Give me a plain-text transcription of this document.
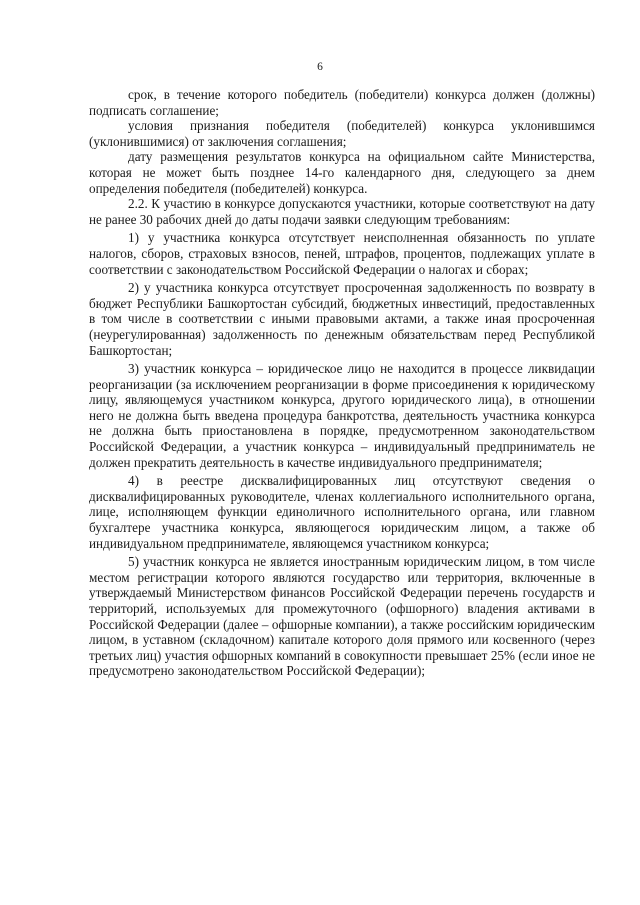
6

срок, в течение которого победитель (победители) конкурса должен (должны) подписать соглашение;

условия признания победителя (победителей) конкурса уклонившимся (уклонившимися) от заключения соглашения;

дату размещения результатов конкурса на официальном сайте Министерства, которая не может быть позднее 14-го календарного дня, следующего за днем определения победителя (победителей) конкурса.

2.2. К участию в конкурсе допускаются участники, которые соответствуют на дату не ранее 30 рабочих дней до даты подачи заявки следующим требованиям:

1) у участника конкурса отсутствует неисполненная обязанность по уплате налогов, сборов, страховых взносов, пеней, штрафов, процентов, подлежащих уплате в соответствии с законодательством Российской Федерации о налогах и сборах;

2) у участника конкурса отсутствует просроченная задолженность по возврату в бюджет Республики Башкортостан субсидий, бюджетных инвестиций, предоставленных в том числе в соответствии с иными правовыми актами, а также иная просроченная (неурегулированная) задолженность по денежным обязательствам перед Республикой Башкортостан;

3) участник конкурса – юридическое лицо не находится в процессе ликвидации реорганизации (за исключением реорганизации в форме присоединения к юридическому лицу, являющемуся участником конкурса, другого юридического лица), в отношении него не должна быть введена процедура банкротства, деятельность участника конкурса не должна быть приостановлена в порядке, предусмотренном законодательством Российской Федерации, а участник конкурса – индивидуальный предприниматель не должен прекратить деятельность в качестве индивидуального предпринимателя;

4) в реестре дисквалифицированных лиц отсутствуют сведения о дисквалифицированных руководителе, членах коллегиального исполнительного органа, лице, исполняющем функции единоличного исполнительного органа, или главном бухгалтере участника конкурса, являющегося юридическим лицом, а также об индивидуальном предпринимателе, являющемся участником конкурса;

5) участник конкурса не является иностранным юридическим лицом, в том числе местом регистрации которого являются государство или территория, включенные в утверждаемый Министерством финансов Российской Федерации перечень государств и территорий, используемых для промежуточного (офшорного) владения активами в Российской Федерации (далее – офшорные компании), а также российским юридическим лицом, в уставном (складочном) капитале которого доля прямого или косвенного (через третьих лиц) участия офшорных компаний в совокупности превышает 25% (если иное не предусмотрено законодательством Российской Федерации);
